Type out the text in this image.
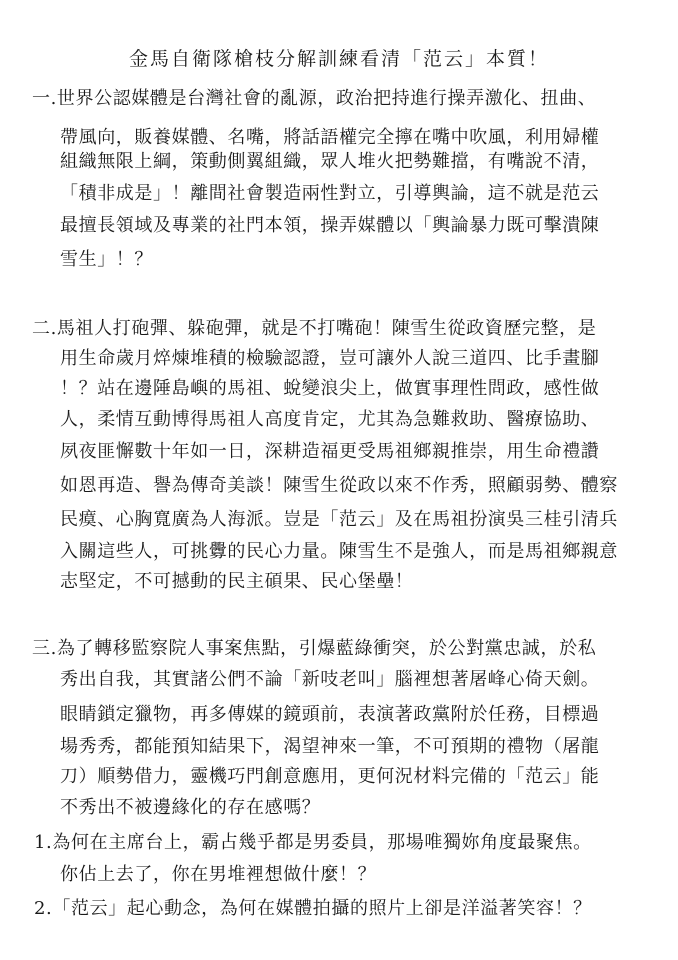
金馬自衛隊槍枝分解訓練看清「范云」本質！
一.世界公認媒體是台灣社會的亂源，政治把持進行操弄激化、扭曲、
帶風向，販養媒體、名嘴，將話語權完全擰在嘴中吹風，利用婦權
組織無限上綱，策動側翼組織，眾人堆火把勢難擋，有嘴說不清，
「積非成是」！離間社會製造兩性對立，引導輿論，這不就是范云
最擅長領域及專業的社門本領，操弄媒體以「輿論暴力既可擊潰陳
雪生」！？
二.馬祖人打砲彈、躲砲彈，就是不打嘴砲！陳雪生從政資歷完整，是
用生命歲月焠煉堆積的檢驗認證，豈可讓外人說三道四、比手畫腳
！？站在邊陲島嶼的馬祖、蛻變浪尖上，做實事理性問政，感性做
人，柔情互動博得馬祖人高度肯定，尤其為急難救助、醫療協助、
夙夜匪懈數十年如一日，深耕造福更受馬祖鄉親推崇，用生命禮讚
如恩再造、譽為傳奇美談！陳雪生從政以來不作秀，照顧弱勢、體察
民瘼、心胸寬廣為人海派。豈是「范云」及在馬祖扮演吳三桂引清兵
入關這些人，可挑釁的民心力量。陳雪生不是強人，而是馬祖鄉親意
志堅定，不可撼動的民主碩果、民心堡壘！
三.為了轉移監察院人事案焦點，引爆藍綠衝突，於公對黨忠誠，於私
秀出自我，其實諸公們不論「新吱老叫」腦裡想著屠峰心倚天劍。
眼睛鎖定獵物，再多傳媒的鏡頭前，表演著政黨附於任務，目標過
場秀秀，都能預知結果下，渴望神來一筆，不可預期的禮物（屠龍
刀）順勢借力，靈機巧門創意應用，更何況材料完備的「范云」能
不秀出不被邊緣化的存在感嗎？
1.為何在主席台上，霸占幾乎都是男委員，那場唯獨妳角度最聚焦。
你佔上去了，你在男堆裡想做什麼！？
2.「范云」起心動念，為何在媒體拍攝的照片上卻是洋溢著笑容！？
